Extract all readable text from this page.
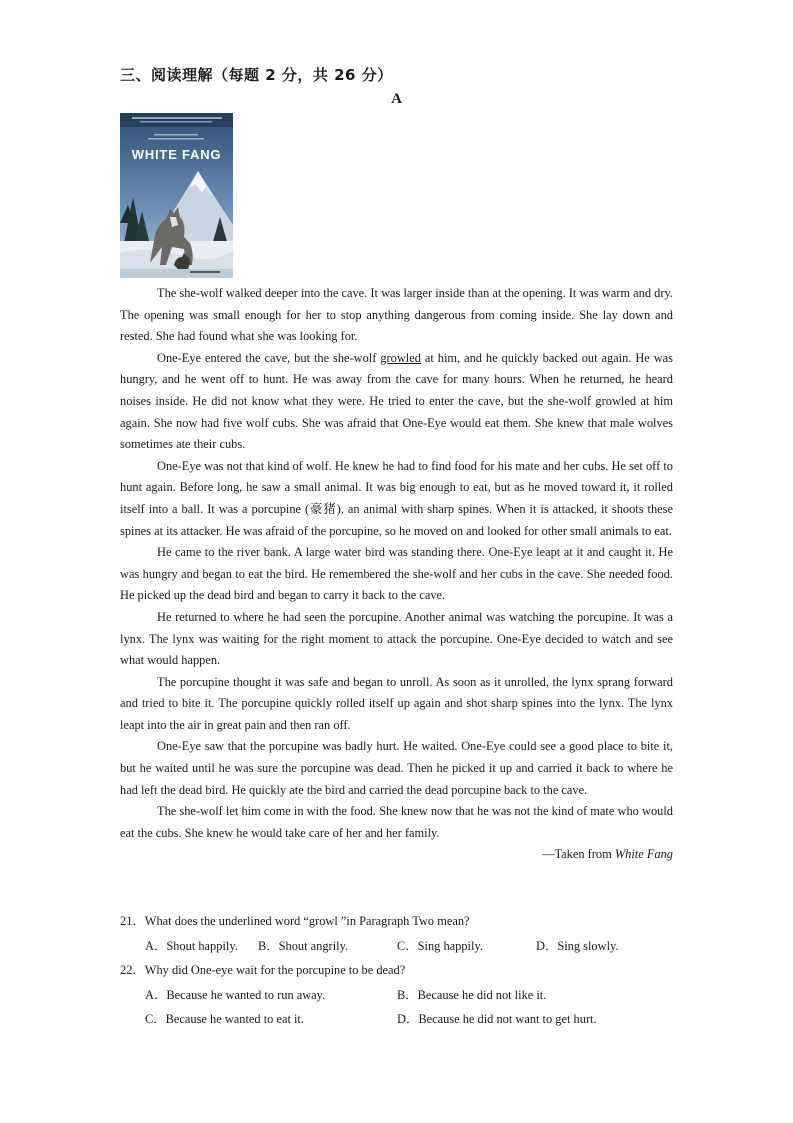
三、阅读理解（每题 2 分，共 26 分）
A
WHITE FANG

The she-wolf walked deeper into the cave. It was larger inside than at the opening. It was warm and dry. The opening was small enough for her to stop anything dangerous from coming inside. She lay down and rested. She had found what she was looking for.

One-Eye entered the cave, but the she-wolf growled at him, and he quickly backed out again. He was hungry, and he went off to hunt. He was away from the cave for many hours. When he returned, he heard noises inside. He did not know what they were. He tried to enter the cave, but the she-wolf growled at him again. She now had five wolf cubs. She was afraid that One-Eye would eat them. She knew that male wolves sometimes ate their cubs.

One-Eye was not that kind of wolf. He knew he had to find food for his mate and her cubs. He set off to hunt again. Before long, he saw a small animal. It was big enough to eat, but as he moved toward it, it rolled itself into a ball. It was a porcupine (豪猪), an animal with sharp spines. When it is attacked, it shoots these spines at its attacker. He was afraid of the porcupine, so he moved on and looked for other small animals to eat.

He came to the river bank. A large water bird was standing there. One-Eye leapt at it and caught it. He was hungry and began to eat the bird. He remembered the she-wolf and her cubs in the cave. She needed food. He picked up the dead bird and began to carry it back to the cave.

He returned to where he had seen the porcupine. Another animal was watching the porcupine. It was a lynx. The lynx was waiting for the right moment to attack the porcupine. One-Eye decided to watch and see what would happen.

The porcupine thought it was safe and began to unroll. As soon as it unrolled, the lynx sprang forward and tried to bite it. The porcupine quickly rolled itself up again and shot sharp spines into the lynx. The lynx leapt into the air in great pain and then ran off.

One-Eye saw that the porcupine was badly hurt. He waited. One-Eye could see a good place to bite it, but he waited until he was sure the porcupine was dead. Then he picked it up and carried it back to where he had left the dead bird. He quickly ate the bird and carried the dead porcupine back to the cave.

The she-wolf let him come in with the food. She knew now that he was not the kind of mate who would eat the cubs. She knew he would take care of her and her family.

—Taken from White Fang

21．What does the underlined word “growl ”in Paragraph Two mean?
A．Shout happily. B．Shout angrily.	C．Sing happily.	D．Sing slowly.
22．Why did One-eye wait for the porcupine to be dead?
A．Because he wanted to run away.	B．Because he did not like it.
C．Because he wanted to eat it.	D．Because he did not want to get hurt.
